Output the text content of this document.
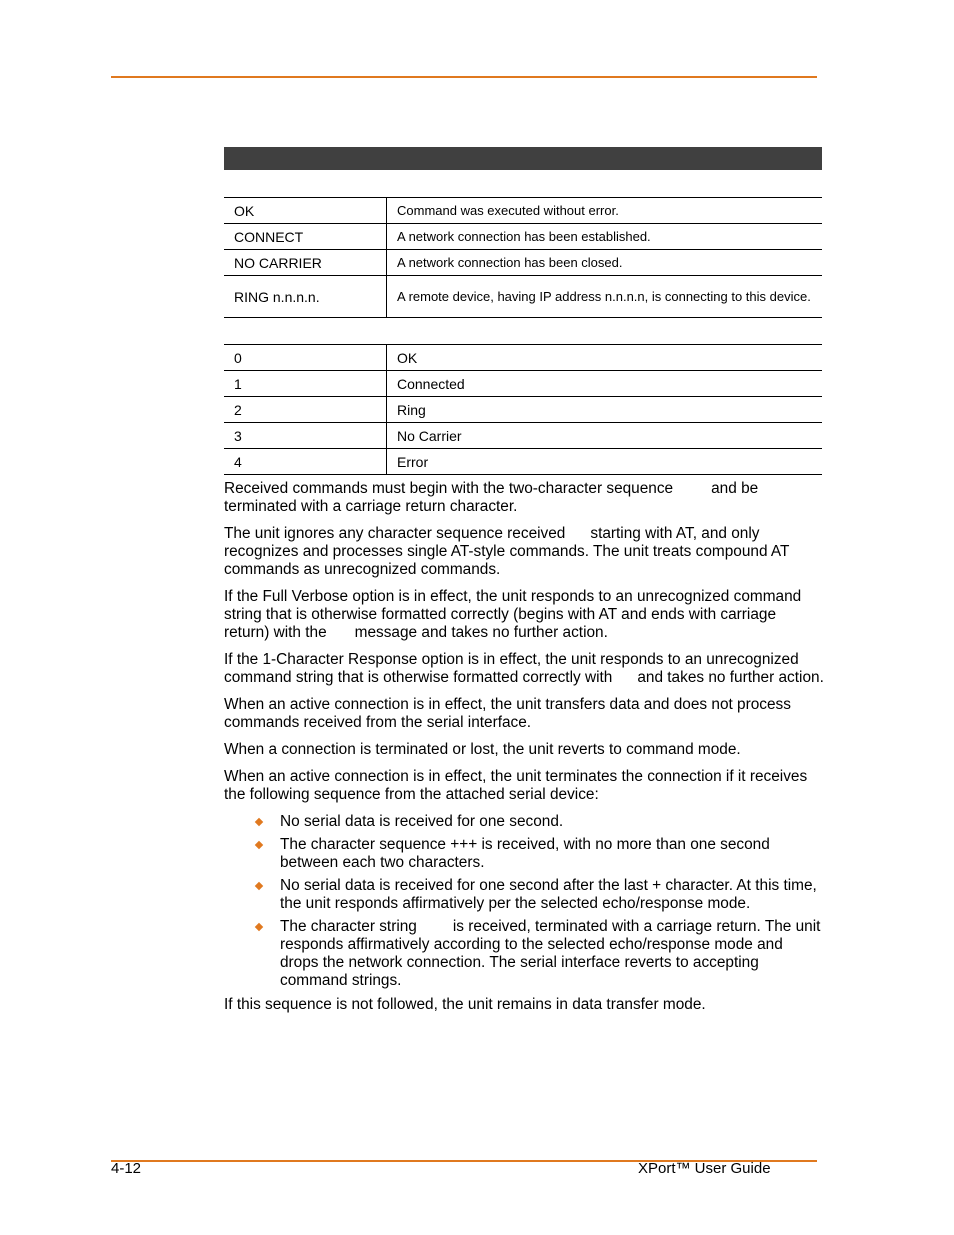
OK	Command was executed without error.
CONNECT	A network connection has been established.
NO CARRIER	A network connection has been closed.
RING n.n.n.n.	A remote device, having IP address n.n.n.n, is connecting to this device.
0	OK
1	Connected
2	Ring
3	No Carrier
4	Error

Received commands must begin with the two-character sequence and be terminated with a carriage return character.

The unit ignores any character sequence received starting with AT, and only recognizes and processes single AT-style commands. The unit treats compound AT commands as unrecognized commands.

If the Full Verbose option is in effect, the unit responds to an unrecognized command string that is otherwise formatted correctly (begins with AT and ends with carriage return) with the message and takes no further action.

If the 1-Character Response option is in effect, the unit responds to an unrecognized command string that is otherwise formatted correctly with and takes no further action.

When an active connection is in effect, the unit transfers data and does not process commands received from the serial interface.

When a connection is terminated or lost, the unit reverts to command mode.

When an active connection is in effect, the unit terminates the connection if it receives the following sequence from the attached serial device:

No serial data is received for one second.
The character sequence +++ is received, with no more than one second between each two characters.
No serial data is received for one second after the last + character. At this time, the unit responds affirmatively per the selected echo/response mode.
The character string is received, terminated with a carriage return. The unit responds affirmatively according to the selected echo/response mode and drops the network connection. The serial interface reverts to accepting command strings.

If this sequence is not followed, the unit remains in data transfer mode.

4-12	XPort™ User Guide
